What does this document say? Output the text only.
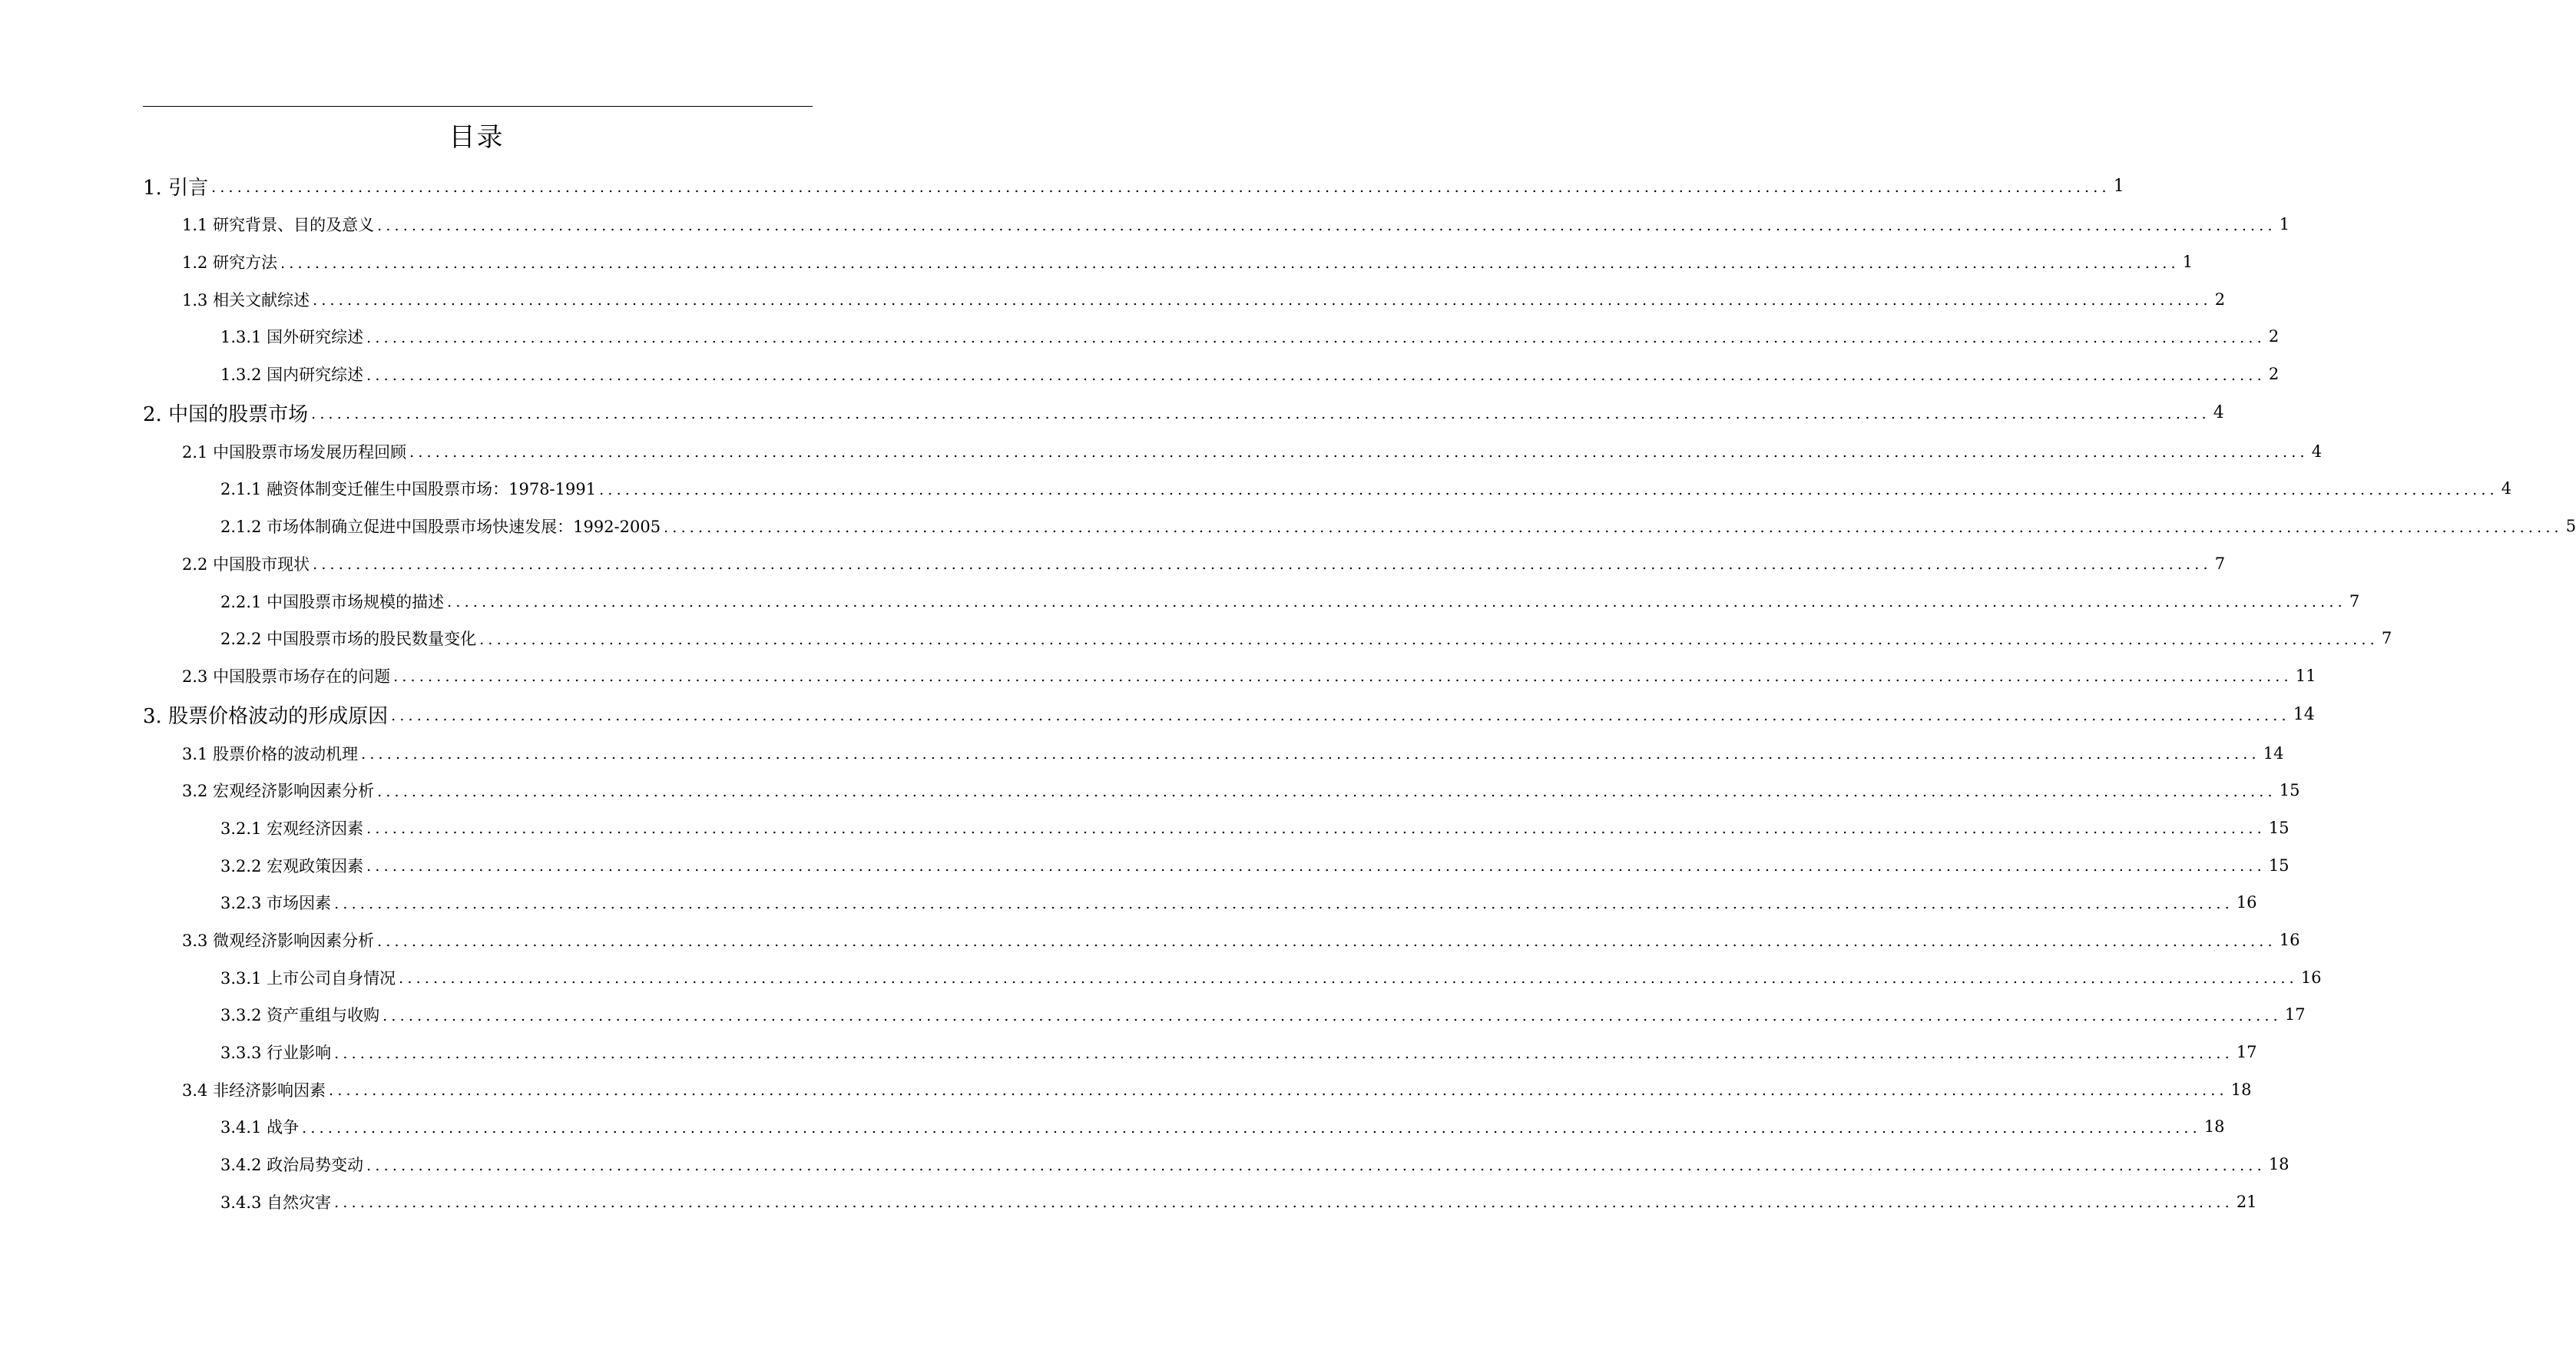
目录
1. 引言 ............................................................................................................................................................................................................................ 1
1.1 研究背景、目的及意义 ............................................................................................................................................................................................................................ 1
1.2 研究方法 ............................................................................................................................................................................................................................ 1
1.3 相关文献综述 ............................................................................................................................................................................................................................ 2
1.3.1 国外研究综述 ............................................................................................................................................................................................................................ 2
1.3.2 国内研究综述 ............................................................................................................................................................................................................................ 2
2. 中国的股票市场 ............................................................................................................................................................................................................................ 4
2.1 中国股票市场发展历程回顾 ............................................................................................................................................................................................................................ 4
2.1.1 融资体制变迁催生中国股票市场：1978-1991 ............................................................................................................................................................................................................................ 4
2.1.2 市场体制确立促进中国股票市场快速发展：1992-2005 ............................................................................................................................................................................................................................ 5
2.2 中国股市现状 ............................................................................................................................................................................................................................ 7
2.2.1 中国股票市场规模的描述 ............................................................................................................................................................................................................................ 7
2.2.2 中国股票市场的股民数量变化 ............................................................................................................................................................................................................................ 7
2.3 中国股票市场存在的问题 ............................................................................................................................................................................................................................ 11
3. 股票价格波动的形成原因 ............................................................................................................................................................................................................................ 14
3.1 股票价格的波动机理 ............................................................................................................................................................................................................................ 14
3.2 宏观经济影响因素分析 ............................................................................................................................................................................................................................ 15
3.2.1 宏观经济因素 ............................................................................................................................................................................................................................ 15
3.2.2 宏观政策因素 ............................................................................................................................................................................................................................ 15
3.2.3 市场因素 ............................................................................................................................................................................................................................ 16
3.3 微观经济影响因素分析 ............................................................................................................................................................................................................................ 16
3.3.1 上市公司自身情况 ............................................................................................................................................................................................................................ 16
3.3.2 资产重组与收购 ............................................................................................................................................................................................................................ 17
3.3.3 行业影响 ............................................................................................................................................................................................................................ 17
3.4 非经济影响因素 ............................................................................................................................................................................................................................ 18
3.4.1 战争 ............................................................................................................................................................................................................................ 18
3.4.2 政治局势变动 ............................................................................................................................................................................................................................ 18
3.4.3 自然灾害 ............................................................................................................................................................................................................................ 21
